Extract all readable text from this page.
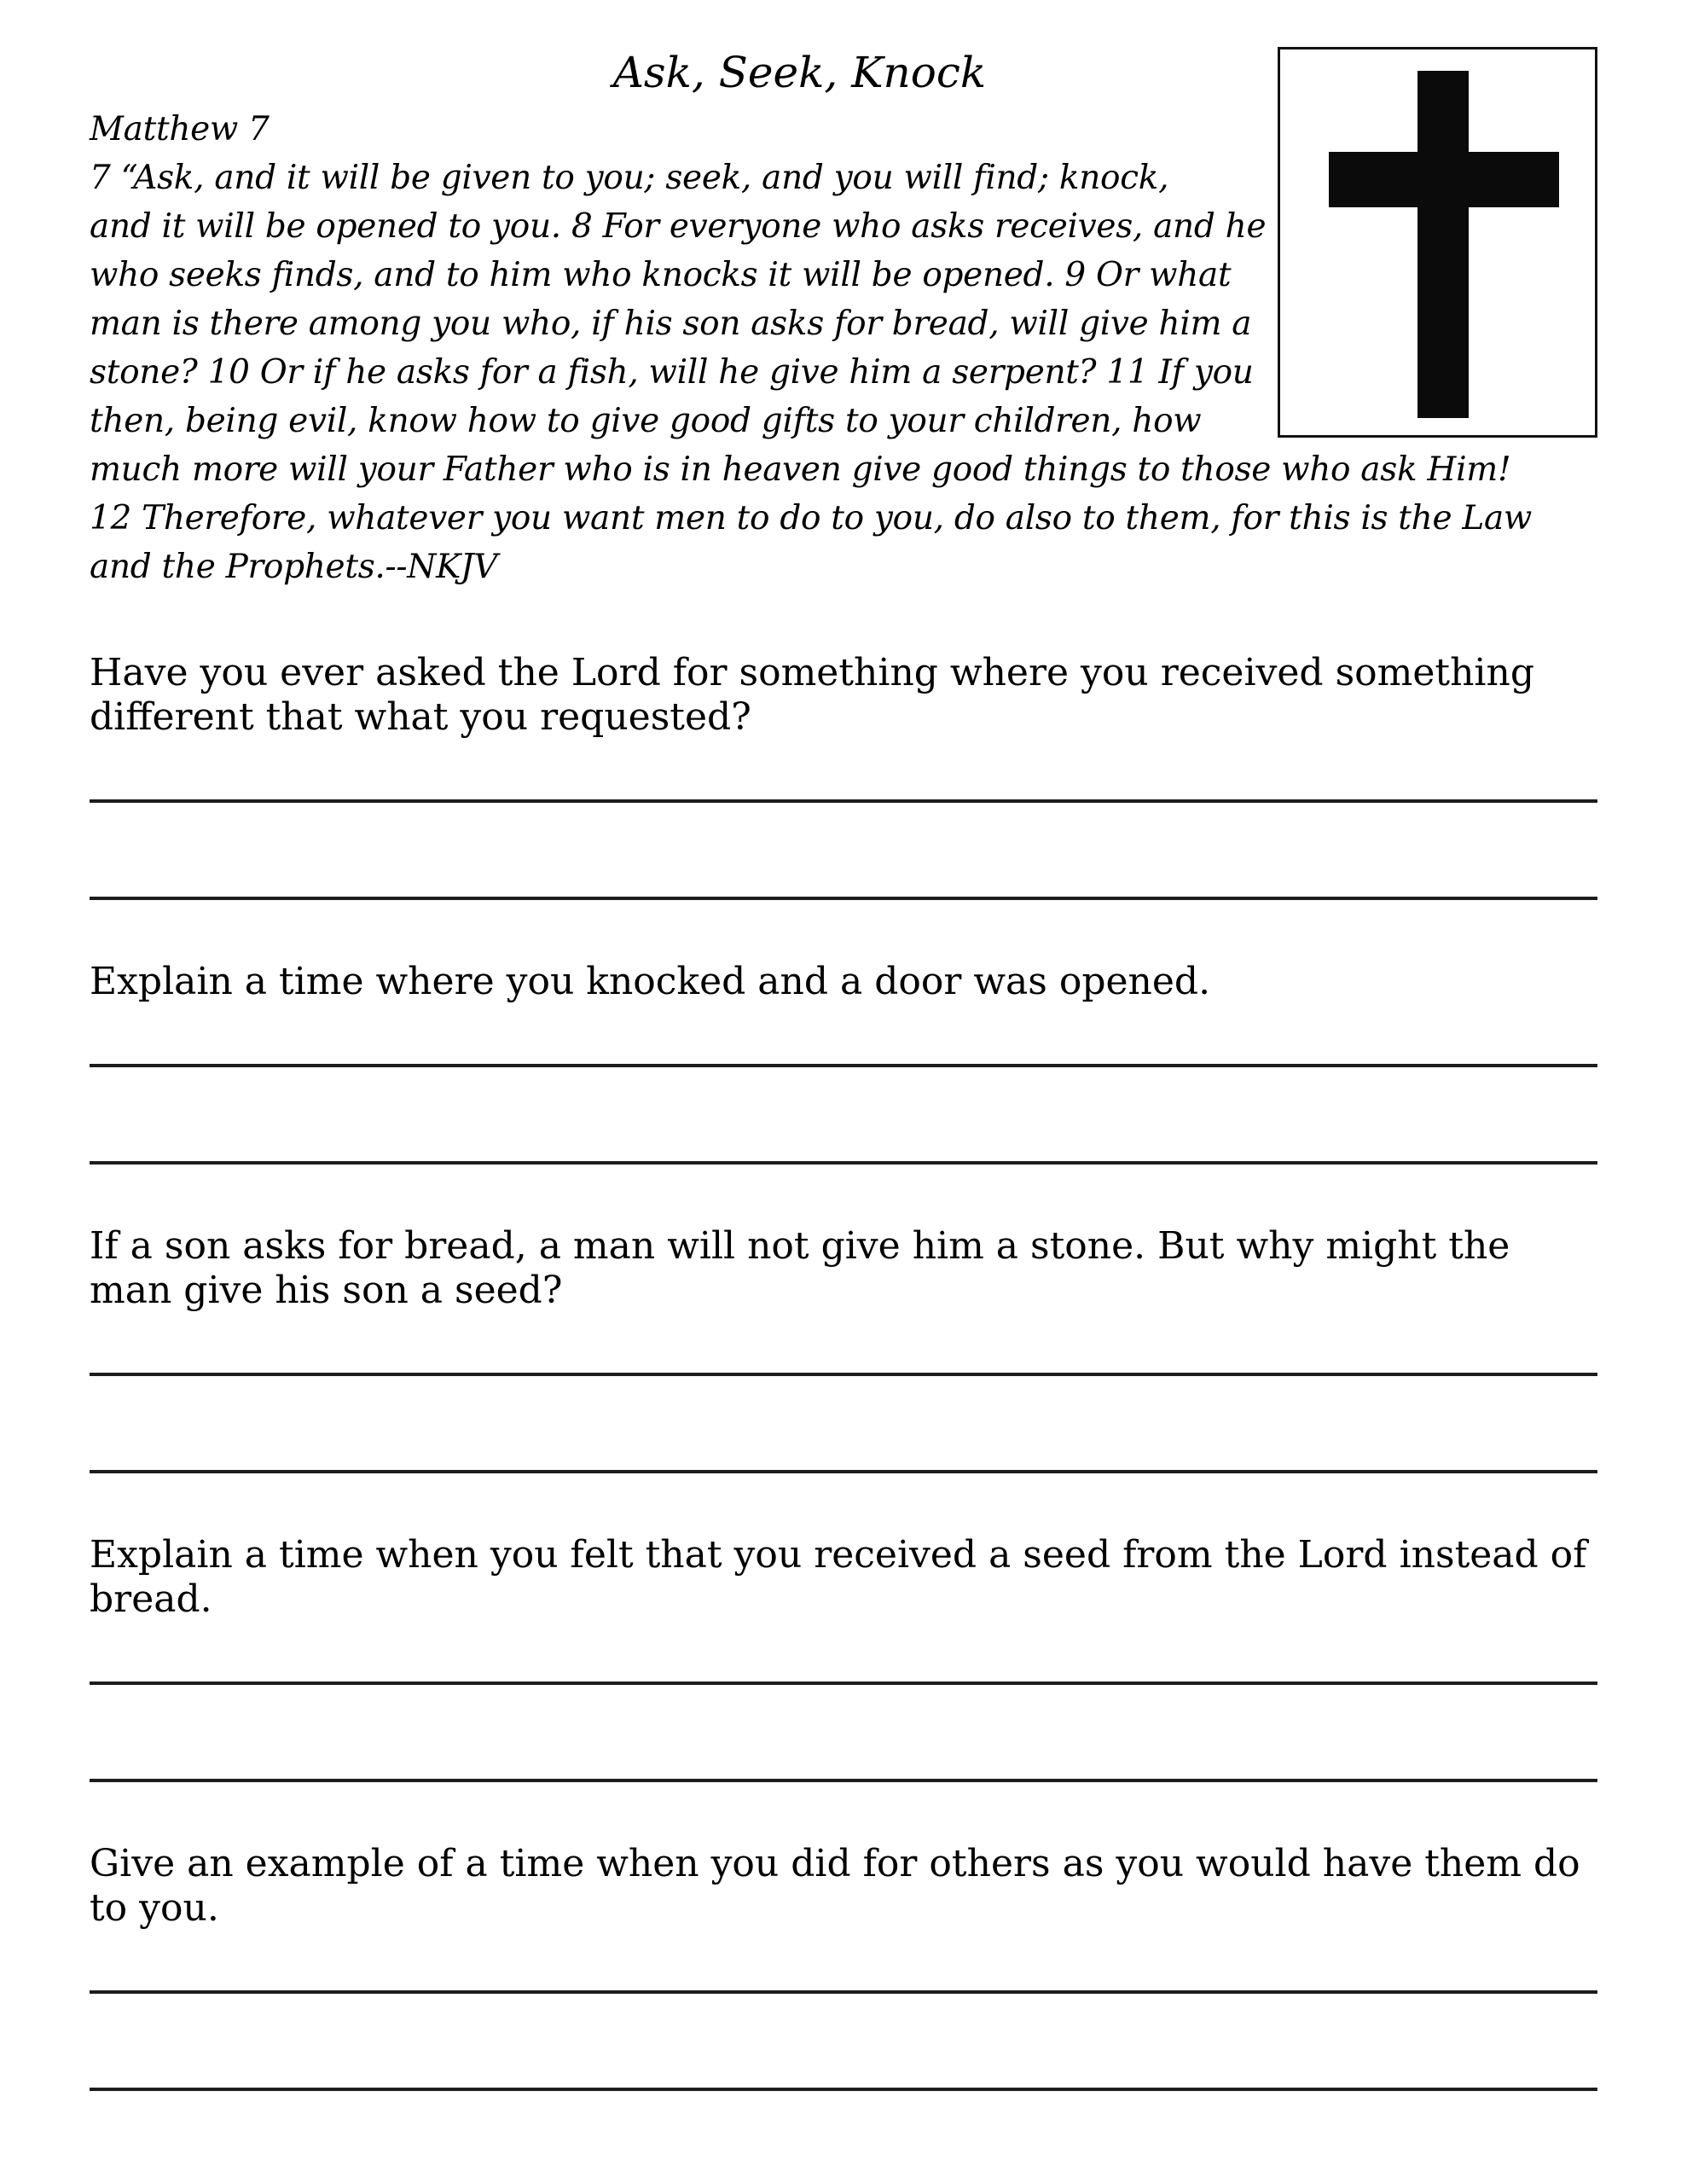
Ask, Seek, Knock
Matthew 7
7 “Ask, and it will be given to you; seek, and you will find; knock,
and it will be opened to you. 8 For everyone who asks receives, and he
who seeks finds, and to him who knocks it will be opened. 9 Or what
man is there among you who, if his son asks for bread, will give him a
stone? 10 Or if he asks for a fish, will he give him a serpent? 11 If you
then, being evil, know how to give good gifts to your children, how
much more will your Father who is in heaven give good things to those who ask Him!
12 Therefore, whatever you want men to do to you, do also to them, for this is the Law
and the Prophets.--NKJV
Have you ever asked the Lord for something where you received something different that what you requested?
Explain a time where you knocked and a door was opened.
If a son asks for bread, a man will not give him a stone. But why might the man give his son a seed?
Explain a time when you felt that you received a seed from the Lord instead of bread.
Give an example of a time when you did for others as you would have them do to you.
